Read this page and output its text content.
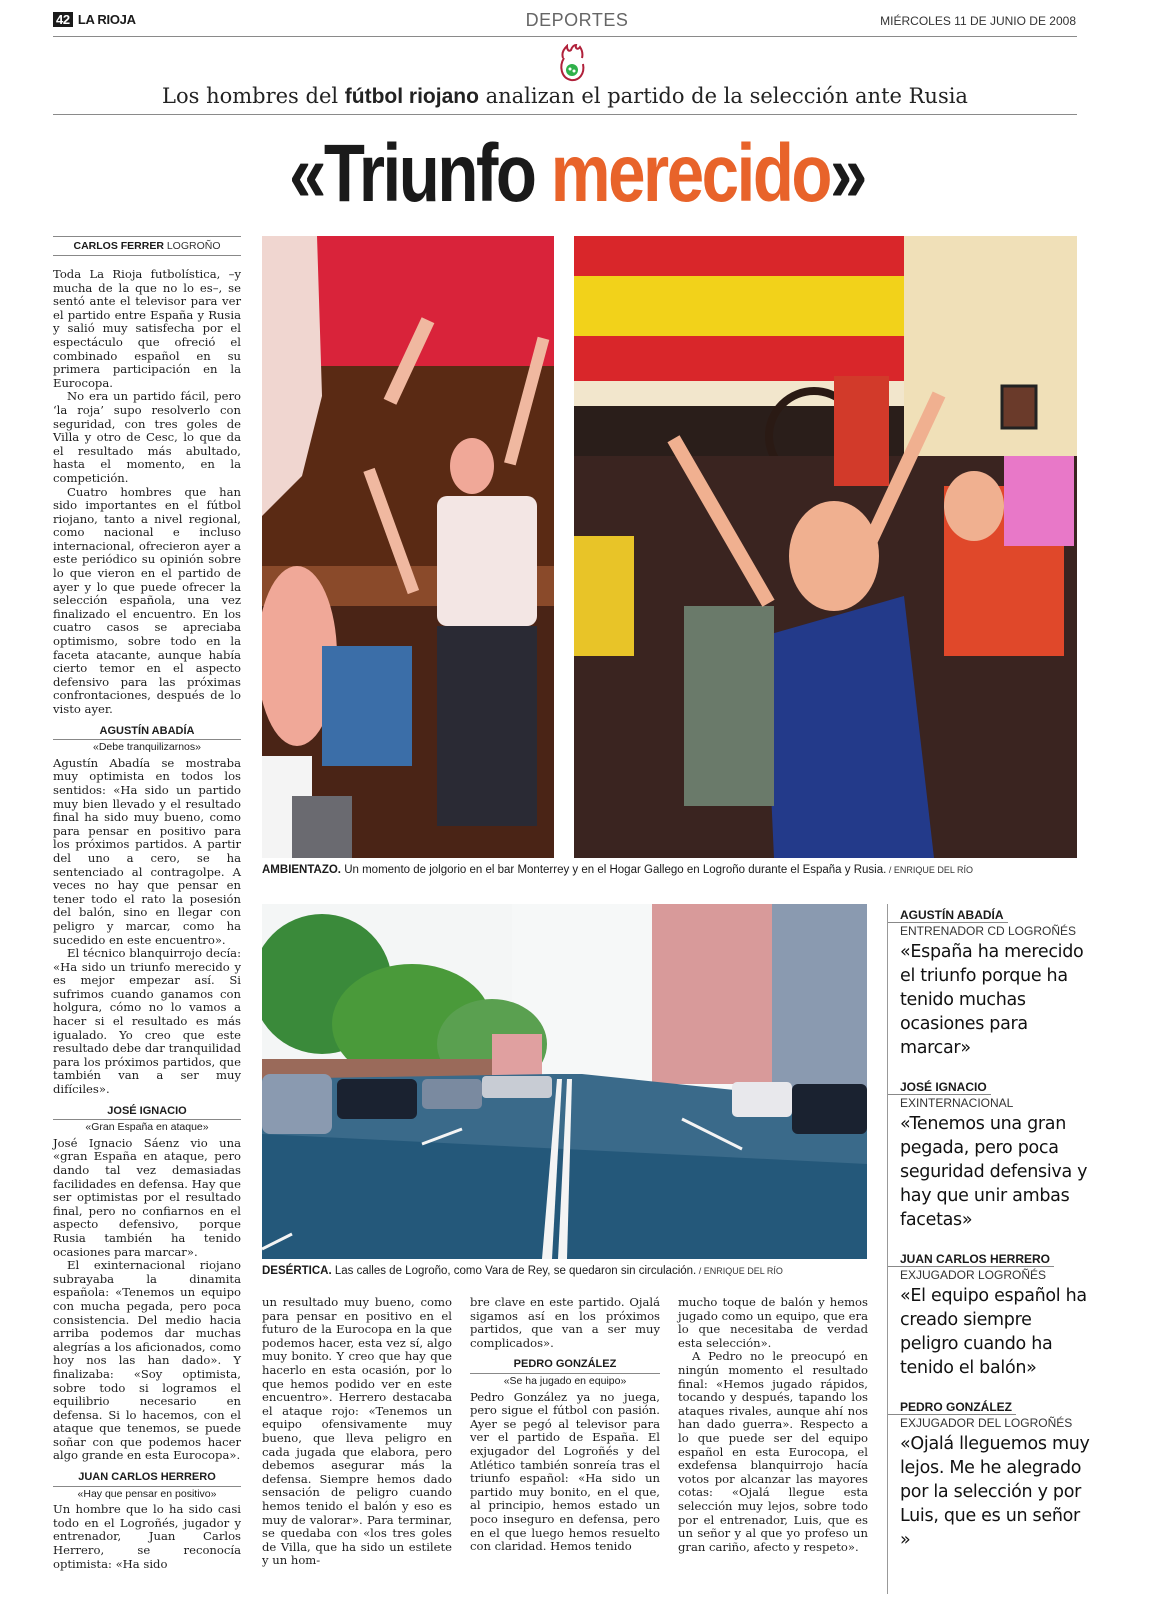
42 LA RIOJA	DEPORTES	MIÉRCOLES 11 DE JUNIO DE 2008
Los hombres del fútbol riojano analizan el partido de la selección ante Rusia
«Triunfo merecido»
CARLOS FERRER LOGROÑO

Toda La Rioja futbolística, –y mucha de la que no lo es–, se sentó ante el televisor para ver el partido entre España y Rusia y salió muy satisfecha por el espectáculo que ofreció el combinado español en su primera participación en la Eurocopa.

No era un partido fácil, pero ‘la roja’ supo resolverlo con seguridad, con tres goles de Villa y otro de Cesc, lo que da el resultado más abultado, hasta el momento, en la competición.

Cuatro hombres que han sido importantes en el fútbol riojano, tanto a nivel regional, como nacional e incluso internacional, ofrecieron ayer a este periódico su opinión sobre lo que vieron en el partido de ayer y lo que puede ofrecer la selección española, una vez finalizado el encuentro. En los cuatro casos se apreciaba optimismo, sobre todo en la faceta atacante, aunque había cierto temor en el aspecto defensivo para las próximas confrontaciones, después de lo visto ayer.

AGUSTÍN ABADÍA
«Debe tranquilizarnos»

Agustín Abadía se mostraba muy optimista en todos los sentidos: «Ha sido un partido muy bien llevado y el resultado final ha sido muy bueno, como para pensar en positivo para los próximos partidos. A partir del uno a cero, se ha sentenciado al contragolpe. A veces no hay que pensar en tener todo el rato la posesión del balón, sino en llegar con peligro y marcar, como ha sucedido en este encuentro».

El técnico blanquirrojo decía: «Ha sido un triunfo merecido y es mejor empezar así. Si sufrimos cuando ganamos con holgura, cómo no lo vamos a hacer si el resultado es más igualado. Yo creo que este resultado debe dar tranquilidad para los próximos partidos, que también van a ser muy difíciles».

JOSÉ IGNACIO
«Gran España en ataque»

José Ignacio Sáenz vio una «gran España en ataque, pero dando tal vez demasiadas facilidades en defensa. Hay que ser optimistas por el resultado final, pero no confiarnos en el aspecto defensivo, porque Rusia también ha tenido ocasiones para marcar».

El exinternacional riojano subrayaba la dinamita española: «Tenemos un equipo con mucha pegada, pero poca consistencia. Del medio hacia arriba podemos dar muchas alegrías a los aficionados, como hoy nos las han dado». Y finalizaba: «Soy optimista, sobre todo si logramos el equilibrio necesario en defensa. Si lo hacemos, con el ataque que tenemos, se puede soñar con que podemos hacer algo grande en esta Eurocopa».

JUAN CARLOS HERRERO
«Hay que pensar en positivo»

Un hombre que lo ha sido casi todo en el Logroñés, jugador y entrenador, Juan Carlos Herrero, se reconocía optimista: «Ha sido

AMBIENTAZO. Un momento de jolgorio en el bar Monterrey y en el Hogar Gallego en Logroño durante el España y Rusia. / ENRIQUE DEL RÍO
DESÉRTICA. Las calles de Logroño, como Vara de Rey, se quedaron sin circulación. / ENRIQUE DEL RÍO

un resultado muy bueno, como para pensar en positivo en el futuro de la Eurocopa en la que podemos hacer, esta vez sí, algo muy bonito. Y creo que hay que hacerlo en esta ocasión, por lo que hemos podido ver en este encuentro». Herrero destacaba el ataque rojo: «Tenemos un equipo ofensivamente muy bueno, que lleva peligro en cada jugada que elabora, pero debemos asegurar más la defensa. Siempre hemos dado sensación de peligro cuando hemos tenido el balón y eso es muy de valorar». Para terminar, se quedaba con «los tres goles de Villa, que ha sido un estilete y un hom-

bre clave en este partido. Ojalá sigamos así en los próximos partidos, que van a ser muy complicados».

PEDRO GONZÁLEZ
«Se ha jugado en equipo»

Pedro González ya no juega, pero sigue el fútbol con pasión. Ayer se pegó al televisor para ver el partido de España. El exjugador del Logroñés y del Atlético también sonreía tras el triunfo español: «Ha sido un partido muy bonito, en el que, al principio, hemos estado un poco inseguro en defensa, pero en el que luego hemos resuelto con claridad. Hemos tenido

mucho toque de balón y hemos jugado como un equipo, que era lo que necesitaba de verdad esta selección».

A Pedro no le preocupó en ningún momento el resultado final: «Hemos jugado rápidos, tocando y después, tapando los ataques rivales, aunque ahí nos han dado guerra». Respecto a lo que puede ser del equipo español en esta Eurocopa, el exdefensa blanquirrojo hacía votos por alcanzar las mayores cotas: «Ojalá llegue esta selección muy lejos, sobre todo por el entrenador, Luis, que es un señor y al que yo profeso un gran cariño, afecto y respeto».

AGUSTÍN ABADÍA
ENTRENADOR CD LOGROÑÉS
«España ha merecido el triunfo porque ha tenido muchas ocasiones para marcar»
JOSÉ IGNACIO
EXINTERNACIONAL
«Tenemos una gran pegada, pero poca seguridad defensiva y hay que unir ambas facetas»
JUAN CARLOS HERRERO
EXJUGADOR LOGROÑÉS
«El equipo español ha creado siempre peligro cuando ha tenido el balón»
PEDRO GONZÁLEZ
EXJUGADOR DEL LOGROÑÉS
«Ojalá lleguemos muy lejos. Me he alegrado por la selección y por Luis, que es un señor »
